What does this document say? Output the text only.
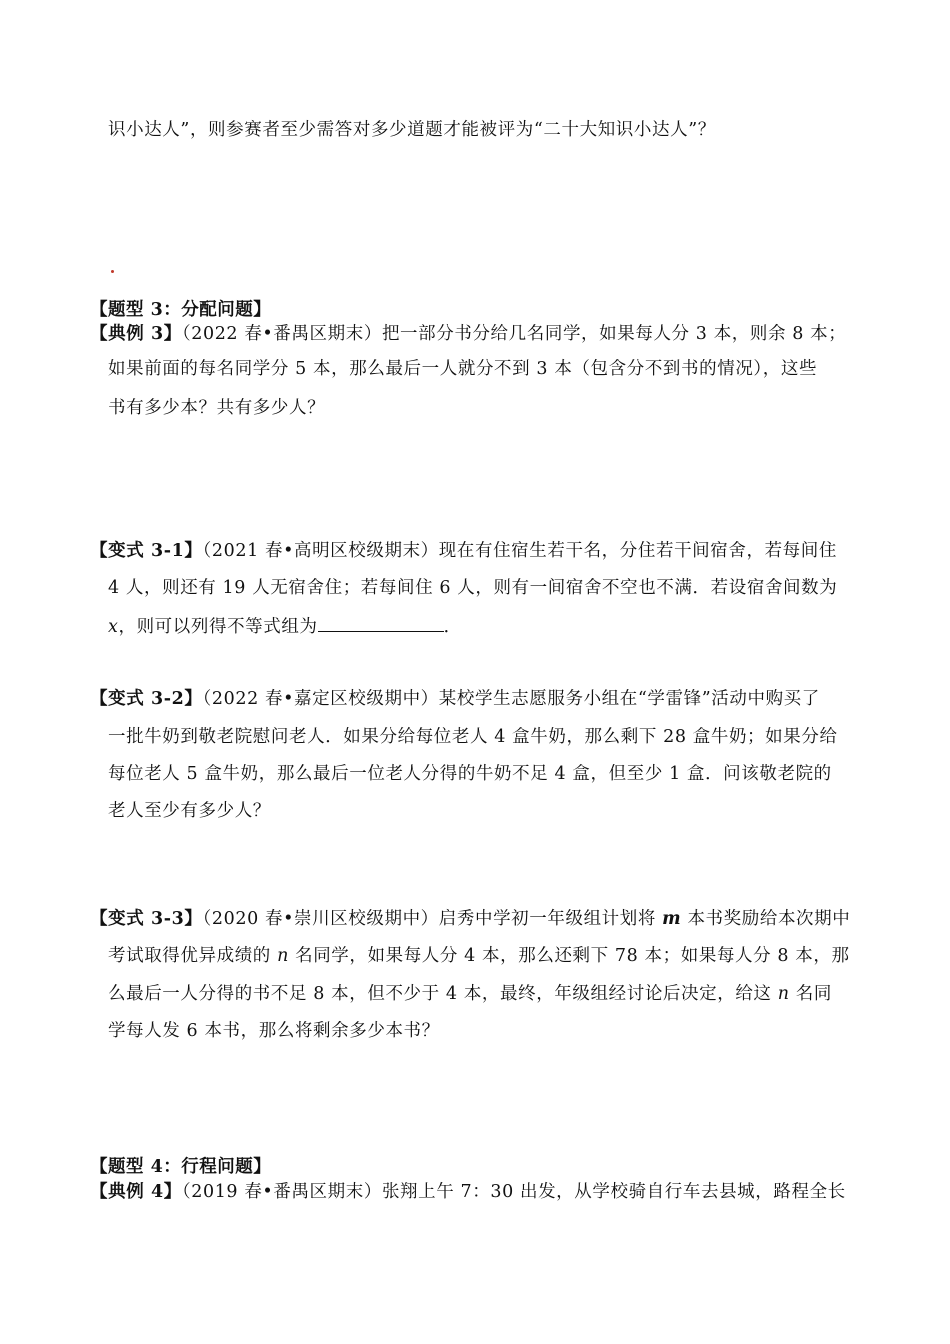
识小达人”，则参赛者至少需答对多少道题才能被评为“二十大知识小达人”？
【题型 3：分配问题】
【典例 3】（2022 春•番禺区期末）把一部分书分给几名同学，如果每人分 3 本，则余 8 本；
如果前面的每名同学分 5 本，那么最后一人就分不到 3 本（包含分不到书的情况），这些
书有多少本？共有多少人？
【变式 3-1】（2021 春•高明区校级期末）现在有住宿生若干名，分住若干间宿舍，若每间住
4 人，则还有 19 人无宿舍住；若每间住 6 人，则有一间宿舍不空也不满．若设宿舍间数为
x，则可以列得不等式组为	．
【变式 3-2】（2022 春•嘉定区校级期中）某校学生志愿服务小组在“学雷锋”活动中购买了
一批牛奶到敬老院慰问老人．如果分给每位老人 4 盒牛奶，那么剩下 28 盒牛奶；如果分给
每位老人 5 盒牛奶，那么最后一位老人分得的牛奶不足 4 盒，但至少 1 盒．问该敬老院的
老人至少有多少人？
【变式 3-3】（2020 春•崇川区校级期中）启秀中学初一年级组计划将 m 本书奖励给本次期中
考试取得优异成绩的 n 名同学，如果每人分 4 本，那么还剩下 78 本；如果每人分 8 本，那
么最后一人分得的书不足 8 本，但不少于 4 本，最终，年级组经讨论后决定，给这 n 名同
学每人发 6 本书，那么将剩余多少本书？
【题型 4：行程问题】
【典例 4】（2019 春•番禺区期末）张翔上午 7：30 出发，从学校骑自行车去县城，路程全长
